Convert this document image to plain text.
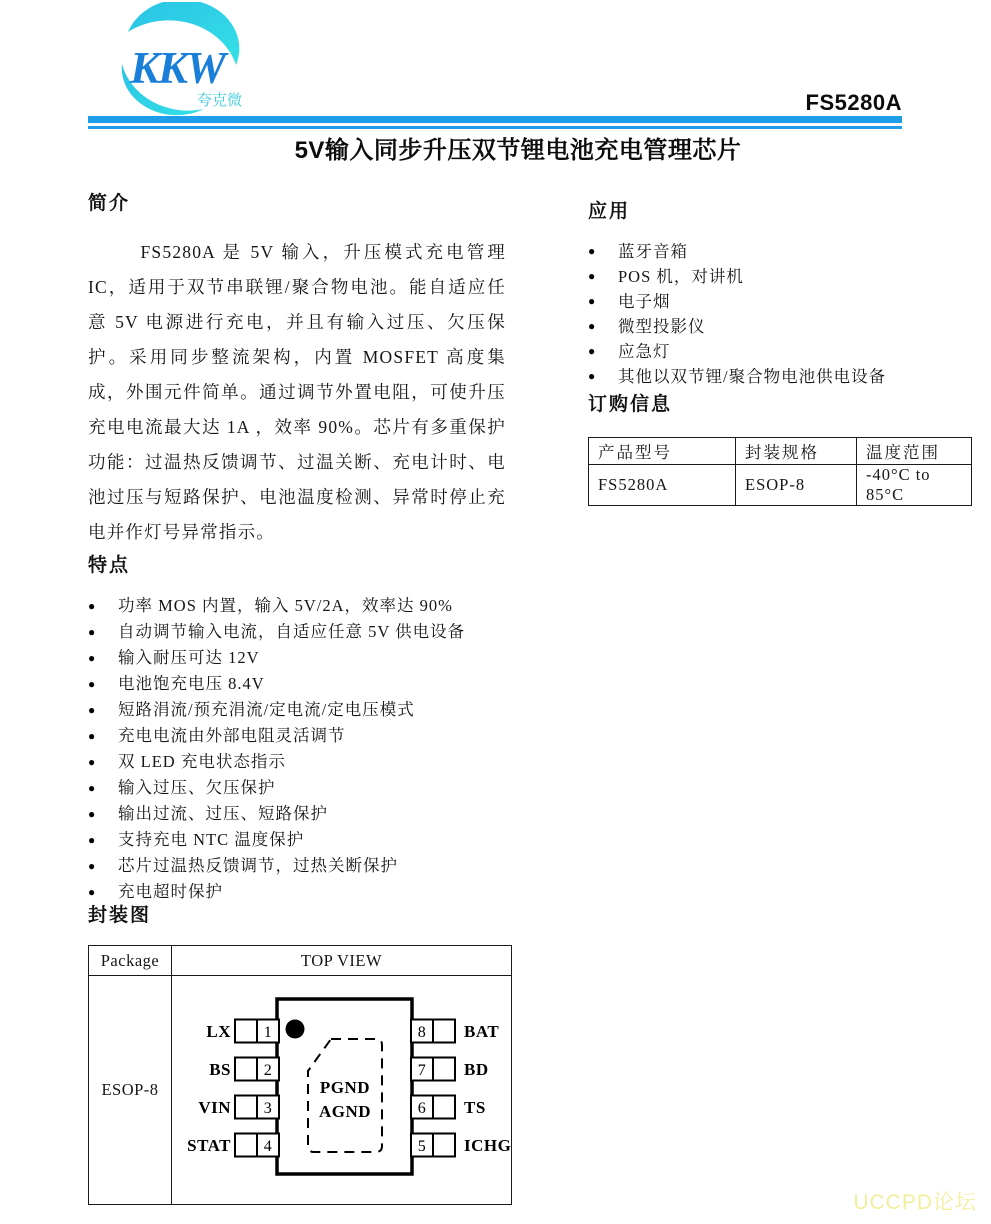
KKW
夸克微	FS5280A
5V输入同步升压双节锂电池充电管理芯片
简介

FS5280A 是 5V 输入，升压模式充电管理 IC，适用于双节串联锂/聚合物电池。能自适应任意 5V 电源进行充电，并且有输入过压、欠压保护。采用同步整流架构，内置 MOSFET 高度集成，外围元件简单。通过调节外置电阻，可使升压充电电流最大达 1A ，效率 90%。芯片有多重保护功能：过温热反馈调节、过温关断、充电计时、电池过压与短路保护、电池温度检测、异常时停止充电并作灯号异常指示。

特点
●	功率 MOS 内置，输入 5V/2A，效率达 90%
●	自动调节输入电流，自适应任意 5V 供电设备
●	输入耐压可达 12V
●	电池饱充电压 8.4V
●	短路涓流/预充涓流/定电流/定电压模式
●	充电电流由外部电阻灵活调节
●	双 LED 充电状态指示
●	输入过压、欠压保护
●	输出过流、过压、短路保护
●	支持充电 NTC 温度保护
●	芯片过温热反馈调节，过热关断保护
●	充电超时保护
应用
●	蓝牙音箱
●	POS 机，对讲机
●	电子烟
●	微型投影仪
●	应急灯
●	其他以双节锂/聚合物电池供电设备
订购信息
产品型号	封装规格	温度范围
FS5280A	ESOP-8	-40°C to 85°C
封装图
Package	TOP VIEW
ESOP-8	PGND
AGND
LX 1
BS 2
VIN 3
STAT 4
8 BAT
7 BD
6 TS
5 ICHG
UCCPD论坛
